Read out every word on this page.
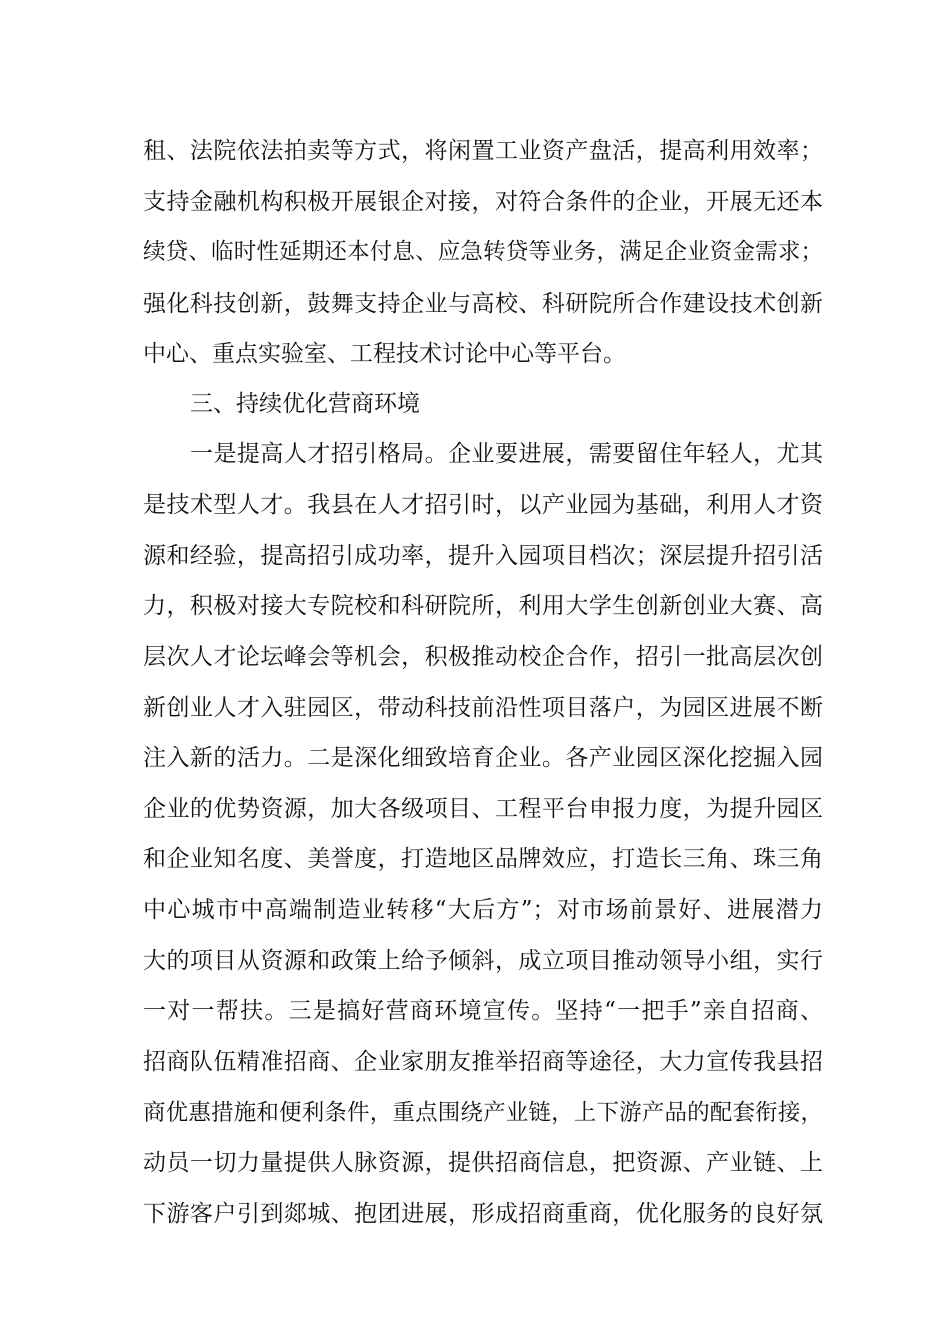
租、法院依法拍卖等方式，将闲置工业资产盘活，提高利用效率；
支持金融机构积极开展银企对接，对符合条件的企业，开展无还本
续贷、临时性延期还本付息、应急转贷等业务，满足企业资金需求；
强化科技创新，鼓舞支持企业与高校、科研院所合作建设技术创新
中心、重点实验室、工程技术讨论中心等平台。
三、持续优化营商环境
一是提高人才招引格局。企业要进展，需要留住年轻人，尤其
是技术型人才。我县在人才招引时，以产业园为基础，利用人才资
源和经验，提高招引成功率，提升入园项目档次；深层提升招引活
力，积极对接大专院校和科研院所，利用大学生创新创业大赛、高
层次人才论坛峰会等机会，积极推动校企合作，招引一批高层次创
新创业人才入驻园区，带动科技前沿性项目落户，为园区进展不断
注入新的活力。二是深化细致培育企业。各产业园区深化挖掘入园
企业的优势资源，加大各级项目、工程平台申报力度，为提升园区
和企业知名度、美誉度，打造地区品牌效应，打造长三角、珠三角
中心城市中高端制造业转移“大后方”；对市场前景好、进展潜力
大的项目从资源和政策上给予倾斜，成立项目推动领导小组，实行
一对一帮扶。三是搞好营商环境宣传。坚持“一把手”亲自招商、
招商队伍精准招商、企业家朋友推举招商等途径，大力宣传我县招
商优惠措施和便利条件，重点围绕产业链，上下游产品的配套衔接，
动员一切力量提供人脉资源，提供招商信息，把资源、产业链、上
下游客户引到郯城、抱团进展，形成招商重商，优化服务的良好氛
